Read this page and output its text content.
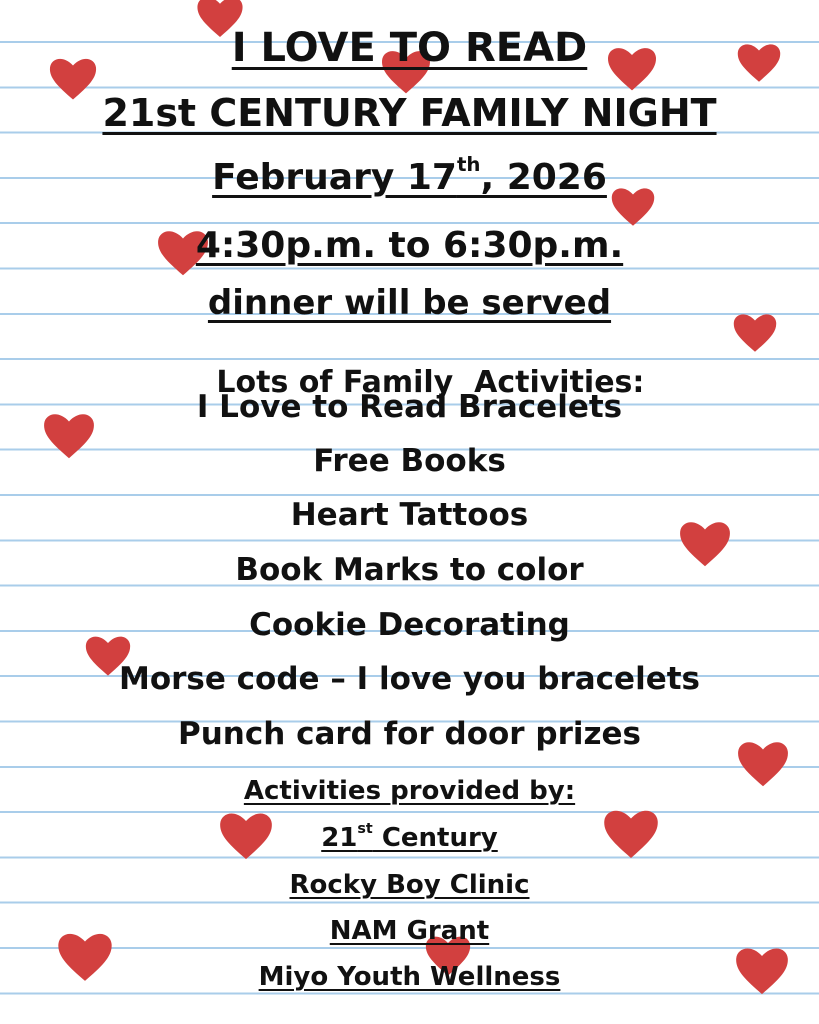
I LOVE TO READ
21st CENTURY FAMILY NIGHT
February 17th, 2026
4:30p.m. to 6:30p.m.
dinner will be served

Lots of Family  Activities:

I Love to Read Bracelets
Free Books
Heart Tattoos
Book Marks to color
Cookie Decorating
Morse code – I love you bracelets
Punch card for door prizes
Activities provided by:
21st Century
Rocky Boy Clinic
NAM Grant
Miyo Youth Wellness
